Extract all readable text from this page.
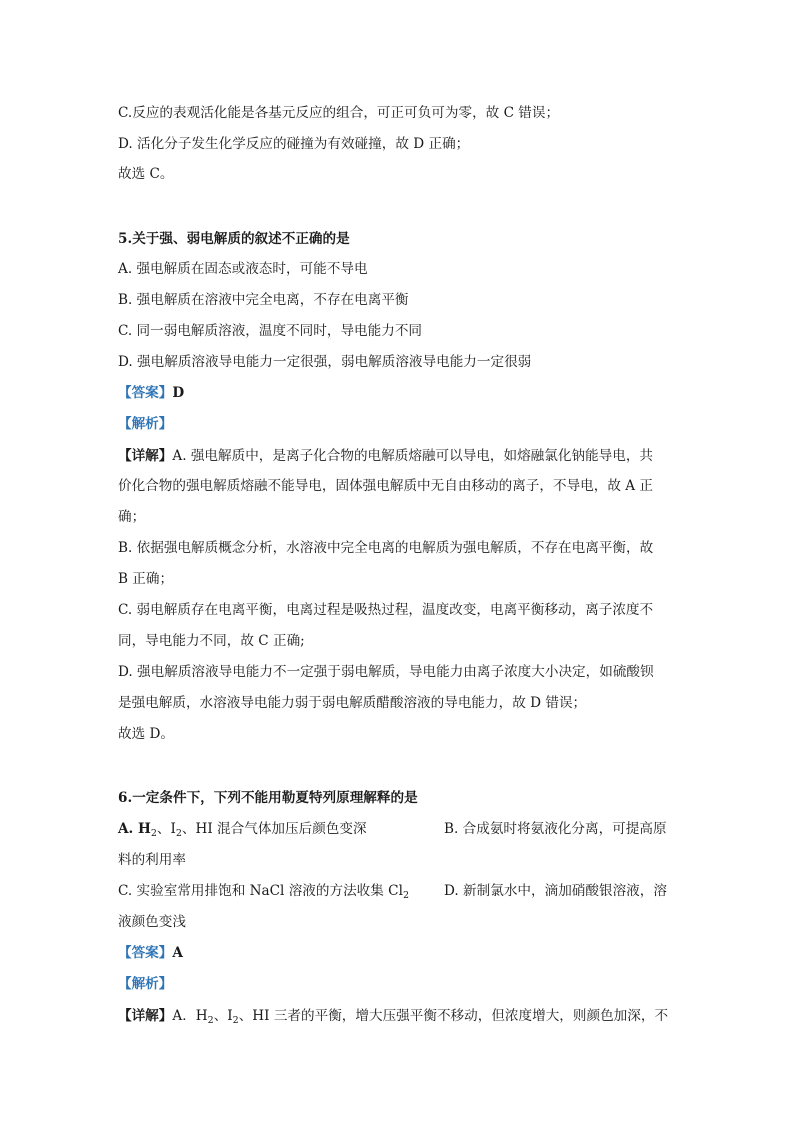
C.反应的表观活化能是各基元反应的组合，可正可负可为零，故 C 错误；
D. 活化分子发生化学反应的碰撞为有效碰撞，故 D 正确；
故选 C。
5.关于强、弱电解质的叙述不正确的是
A. 强电解质在固态或液态时，可能不导电
B. 强电解质在溶液中完全电离，不存在电离平衡
C. 同一弱电解质溶液，温度不同时，导电能力不同
D. 强电解质溶液导电能力一定很强，弱电解质溶液导电能力一定很弱
【答案】D
【解析】
【详解】A. 强电解质中，是离子化合物的电解质熔融可以导电，如熔融氯化钠能导电，共
价化合物的强电解质熔融不能导电，固体强电解质中无自由移动的离子，不导电，故 A 正
确；
B. 依据强电解质概念分析，水溶液中完全电离的电解质为强电解质，不存在电离平衡，故
B 正确；
C. 弱电解质存在电离平衡，电离过程是吸热过程，温度改变，电离平衡移动，离子浓度不
同，导电能力不同，故 C 正确;
D. 强电解质溶液导电能力不一定强于弱电解质，导电能力由离子浓度大小决定，如硫酸钡
是强电解质，水溶液导电能力弱于弱电解质醋酸溶液的导电能力，故 D 错误；
故选 D。
6.一定条件下，下列不能用勒夏特列原理解释的是
A. $H_2$、$I_2$、HI 混合气体加压后颜色变深	B. 合成氨时将氨液化分离，可提高原
料的利用率
C. 实验室常用排饱和 NaCl 溶液的方法收集 $Cl_2$	D. 新制氯水中，滴加硝酸银溶液，溶
液颜色变浅
【答案】A
【解析】
【详解】A．$H_2$、$I_2$、HI 三者的平衡，增大压强平衡不移动，但浓度增大，则颜色加深，不
